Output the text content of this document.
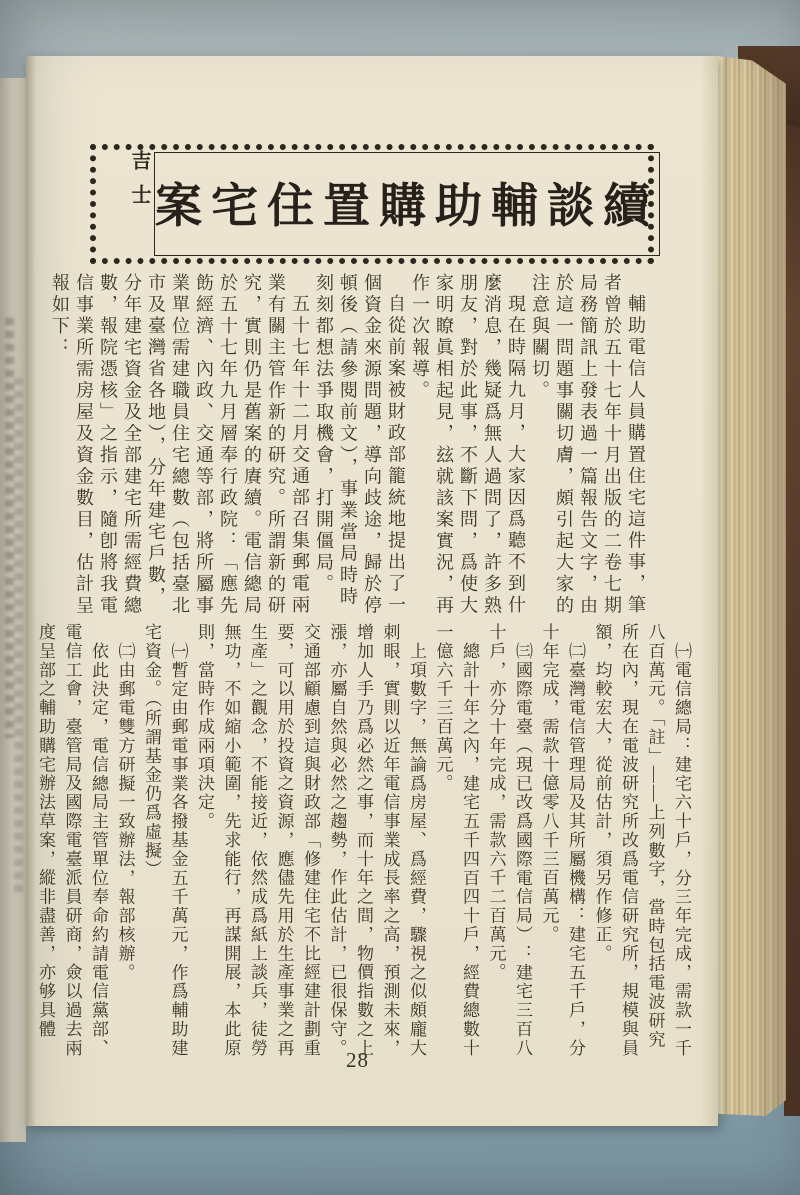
吉士 案宅住置購助輔談續

輔助電信人員購置住宅這件事，筆者曾於五十七年十月出版的二卷七期局務簡訊上發表過一篇報告文字，由於這一問題事關切膚，頗引起大家的注意與關切。

現在時隔九月，大家因爲聽不到什麼消息，幾疑爲無人過問了，許多熟朋友，對於此事，不斷下問，爲使大家明瞭眞相起見，玆就該案實況，再作一次報導。

自從前案被財政部籠統地提出了一個資金來源問題，導向歧途，歸於停頓後（請參閱前文），事業當局時時刻刻都想法爭取機會，打開僵局。

五十七年十二月交通部召集郵電兩業有關主管作新的研究。所謂新的研究，實則仍是舊案的賡續。電信總局於五十七年九月層奉行政院：「應先飭經濟、內政、交通等部，將所屬事業單位需建職員住宅總數（包括臺北市及臺灣省各地），分年建宅戶數，分年建宅資金及全部建宅所需經費總數，報院憑核」之指示，隨卽將我電信事業所需房屋及資金數目，估計呈報如下：

㈠電信總局：建宅六十戶，分三年完成，需款一千八百萬元。「註」——上列數字，當時包括電波研究所在內，現在電波研究所改爲電信研究所，規模與員額，均較宏大，從前估計，須另作修正。

㈡臺灣電信管理局及其所屬機構：建宅五千戶，分十年完成，需款十億零八千三百萬元。

㈢國際電臺（現已改爲國際電信局）：建宅三百八十戶，亦分十年完成，需款六千二百萬元。

總計十年之內，建宅五千四百四十戶，經費總數十一億六千三百萬元。

上項數字，無論爲房屋、爲經費，驟視之似頗龐大刺眼，實則以近年電信事業成長率之高，預測未來，增加人手乃爲必然之事，而十年之間，物價指數之上漲，亦屬自然與必然之趨勢，作此估計，已很保守。交通部顧慮到這與財政部「修建住宅不比經建計劃重要，可以用於投資之資源，應儘先用於生產事業之再生產」之觀念，不能接近，依然成爲紙上談兵，徒勞無功，不如縮小範圍，先求能行，再謀開展，本此原則，當時作成兩項決定。

㈠暫定由郵電事業各撥基金五千萬元，作爲輔助建宅資金。（所謂基金仍爲虛擬）

㈡由郵電雙方研擬一致辦法，報部核辦。

依此決定，電信總局主管單位奉命約請電信黨部、電信工會，臺管局及國際電臺派員研商，僉以過去兩度呈部之輔助購宅辦法草案，縱非盡善，亦够具體

28
